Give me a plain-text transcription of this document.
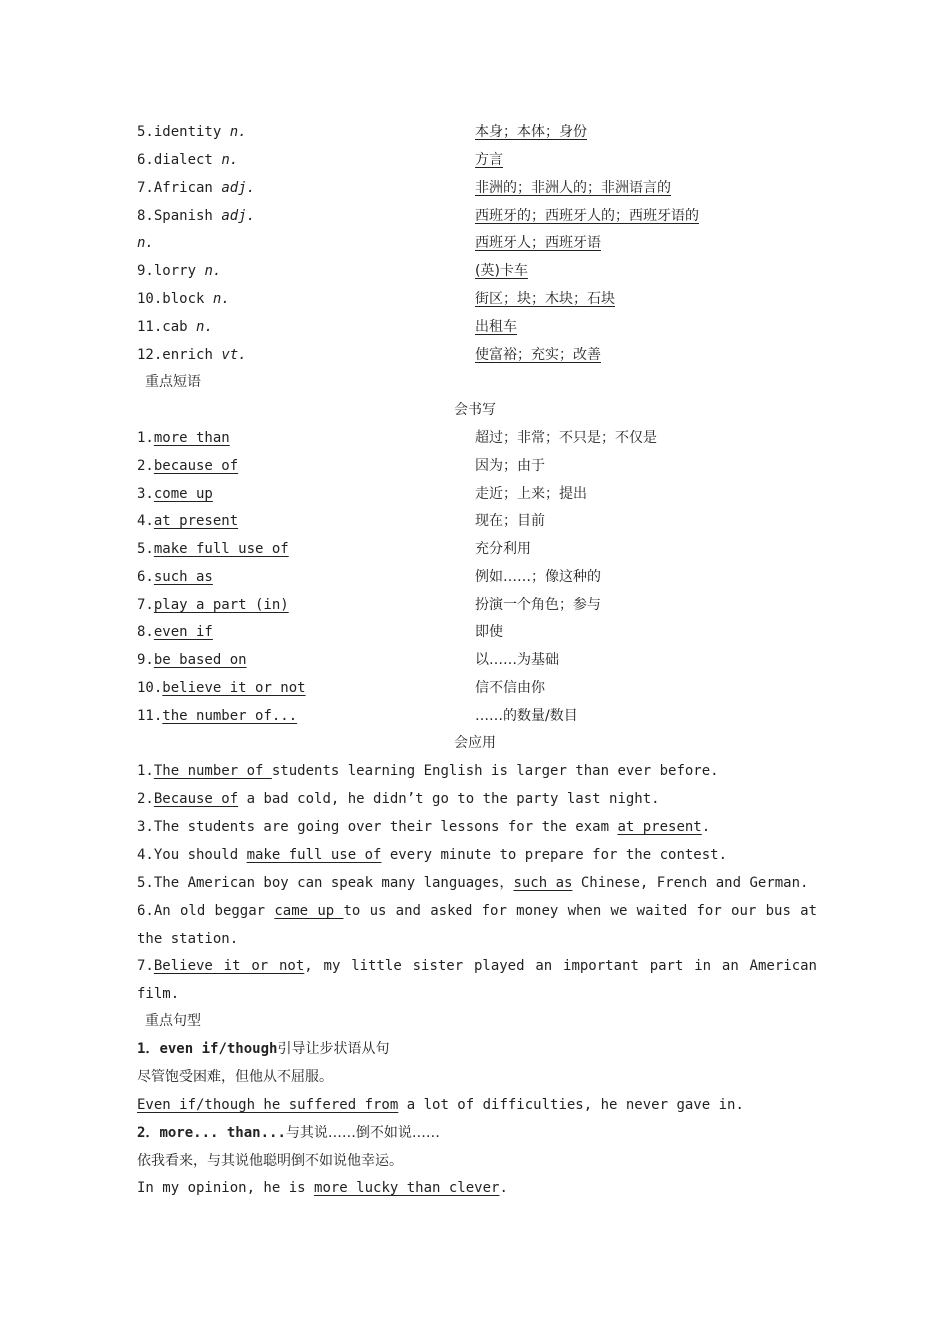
5.identity n.	本身；本体；身份
6.dialect n.	方言
7.African adj.	非洲的；非洲人的；非洲语言的
8.Spanish adj.	西班牙的；西班牙人的；西班牙语的
n.	西班牙人；西班牙语
9.lorry n.	(英)卡车
10.block n.	街区；块；木块；石块
11.cab n.	出租车
12.enrich vt.	使富裕；充实；改善
重点短语
会书写
1.more than	超过；非常；不只是；不仅是
2.because of	因为；由于
3.come up	走近；上来；提出
4.at present	现在；目前
5.make full use of	充分利用
6.such as	例如……；像这种的
7.play a part (in)	扮演一个角色；参与
8.even if	即使
9.be based on	以……为基础
10.believe it or not	信不信由你
11.the number of...	……的数量/数目
会应用
1.The number of students learning English is larger than ever before.
2.Because of a bad cold, he didn’t go to the party last night.
3.The students are going over their lessons for the exam at present.
4.You should make full use of every minute to prepare for the contest.
5.The American boy can speak many languages，such as Chinese, French and German.
6.An old beggar came up to us and asked for money when we waited for our bus at
the station.
7.Believe it or not, my little sister played an important part in an American
film.
重点句型
1．even if/though引导让步状语从句
尽管饱受困难，但他从不屈服。
Even if/though he suffered from a lot of difficulties, he never gave in.
2．more... than...与其说……倒不如说……
依我看来，与其说他聪明倒不如说他幸运。
In my opinion, he is more lucky than clever.
